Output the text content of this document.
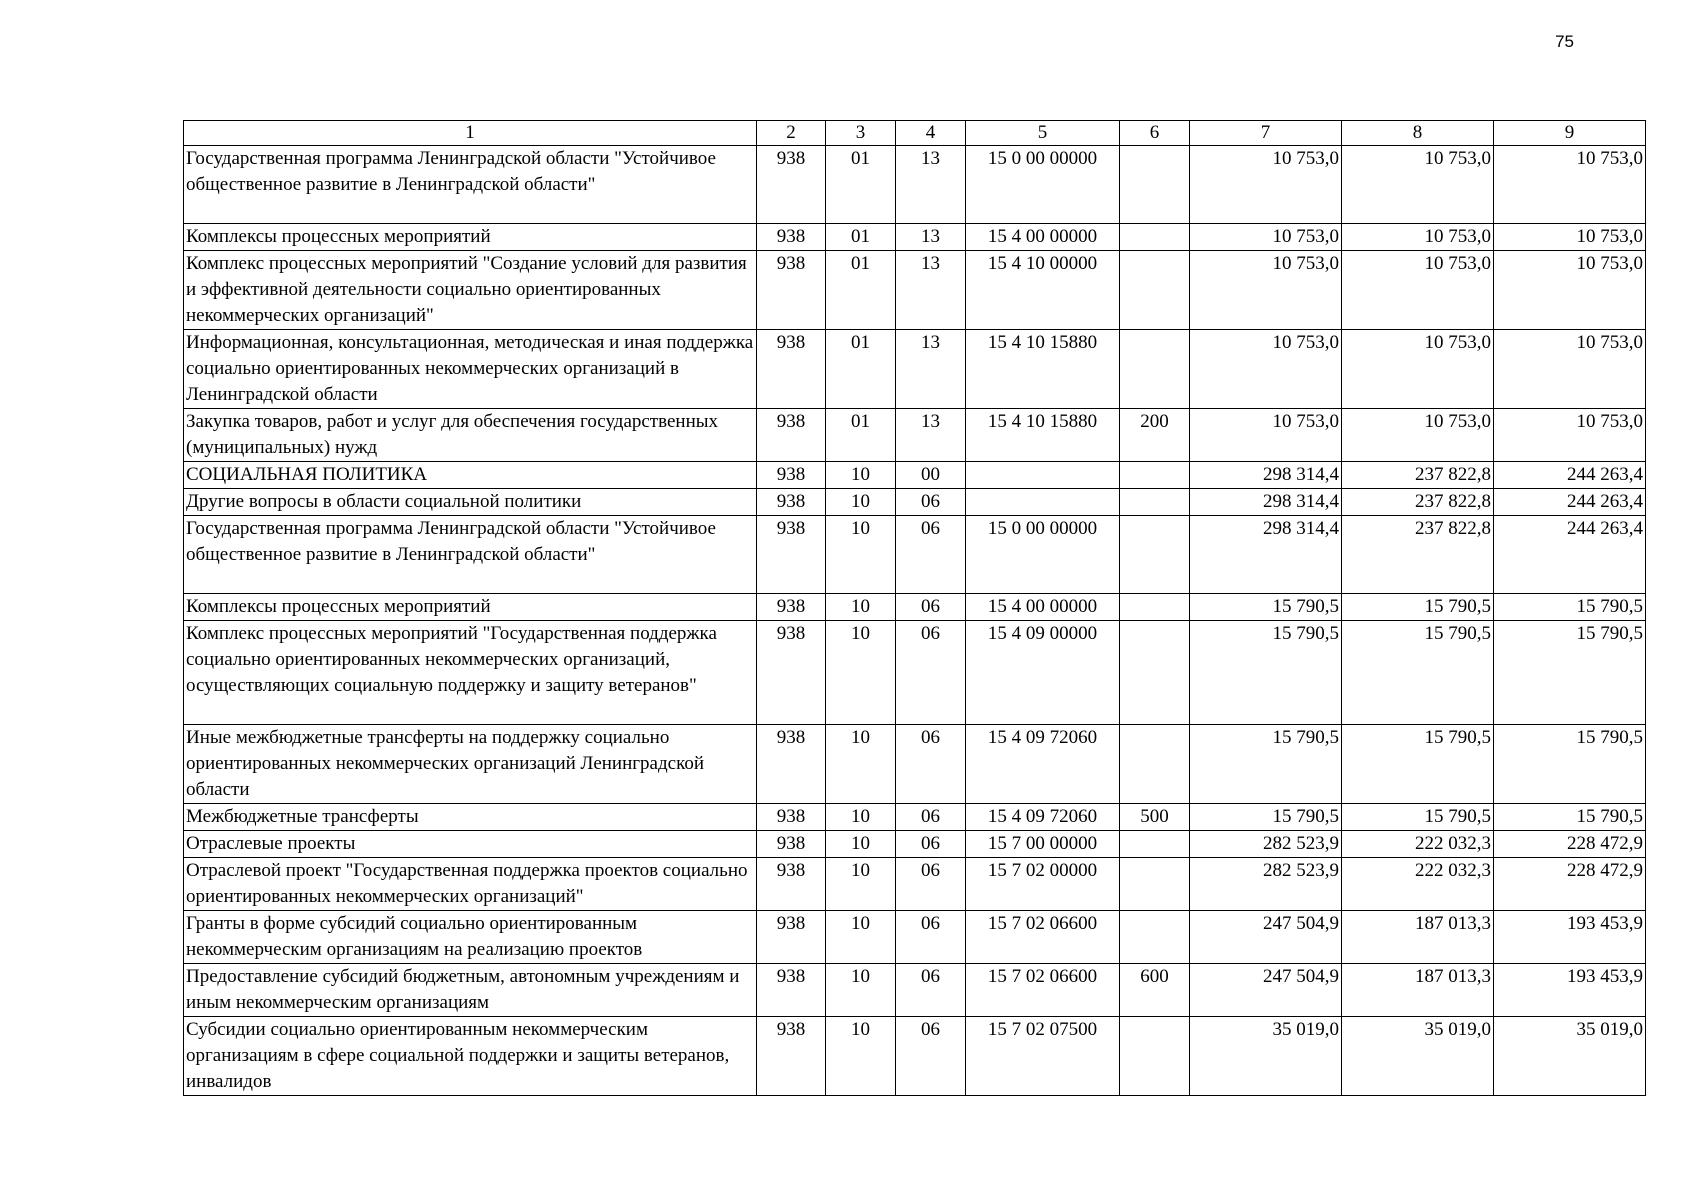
75
1	2	3	4	5	6	7	8	9
Государственная программа Ленинградской области "Устойчивое общественное развитие в Ленинградской области"	938	01	13	15 0 00 00000		10 753,0	10 753,0	10 753,0
Комплексы процессных мероприятий	938	01	13	15 4 00 00000		10 753,0	10 753,0	10 753,0
Комплекс процессных мероприятий "Создание условий для развития и эффективной деятельности социально ориентированных некоммерческих организаций"	938	01	13	15 4 10 00000		10 753,0	10 753,0	10 753,0
Информационная, консультационная, методическая и иная поддержка социально ориентированных некоммерческих организаций в Ленинградской области	938	01	13	15 4 10 15880		10 753,0	10 753,0	10 753,0
Закупка товаров, работ и услуг для обеспечения государственных (муниципальных) нужд	938	01	13	15 4 10 15880	200	10 753,0	10 753,0	10 753,0
СОЦИАЛЬНАЯ ПОЛИТИКА	938	10	00			298 314,4	237 822,8	244 263,4
Другие вопросы в области социальной политики	938	10	06			298 314,4	237 822,8	244 263,4
Государственная программа Ленинградской области "Устойчивое общественное развитие в Ленинградской области"	938	10	06	15 0 00 00000		298 314,4	237 822,8	244 263,4
Комплексы процессных мероприятий	938	10	06	15 4 00 00000		15 790,5	15 790,5	15 790,5
Комплекс процессных мероприятий "Государственная поддержка социально ориентированных некоммерческих организаций, осуществляющих социальную поддержку и защиту ветеранов"	938	10	06	15 4 09 00000		15 790,5	15 790,5	15 790,5
Иные межбюджетные трансферты на поддержку социально ориентированных некоммерческих организаций Ленинградской области	938	10	06	15 4 09 72060		15 790,5	15 790,5	15 790,5
Межбюджетные трансферты	938	10	06	15 4 09 72060	500	15 790,5	15 790,5	15 790,5
Отраслевые проекты	938	10	06	15 7 00 00000		282 523,9	222 032,3	228 472,9
Отраслевой проект "Государственная поддержка проектов социально ориентированных некоммерческих организаций"	938	10	06	15 7 02 00000		282 523,9	222 032,3	228 472,9
Гранты в форме субсидий социально ориентированным некоммерческим организациям на реализацию проектов	938	10	06	15 7 02 06600		247 504,9	187 013,3	193 453,9
Предоставление субсидий бюджетным, автономным учреждениям и иным некоммерческим организациям	938	10	06	15 7 02 06600	600	247 504,9	187 013,3	193 453,9
Субсидии социально ориентированным некоммерческим организациям в сфере социальной поддержки и защиты ветеранов, инвалидов	938	10	06	15 7 02 07500		35 019,0	35 019,0	35 019,0
